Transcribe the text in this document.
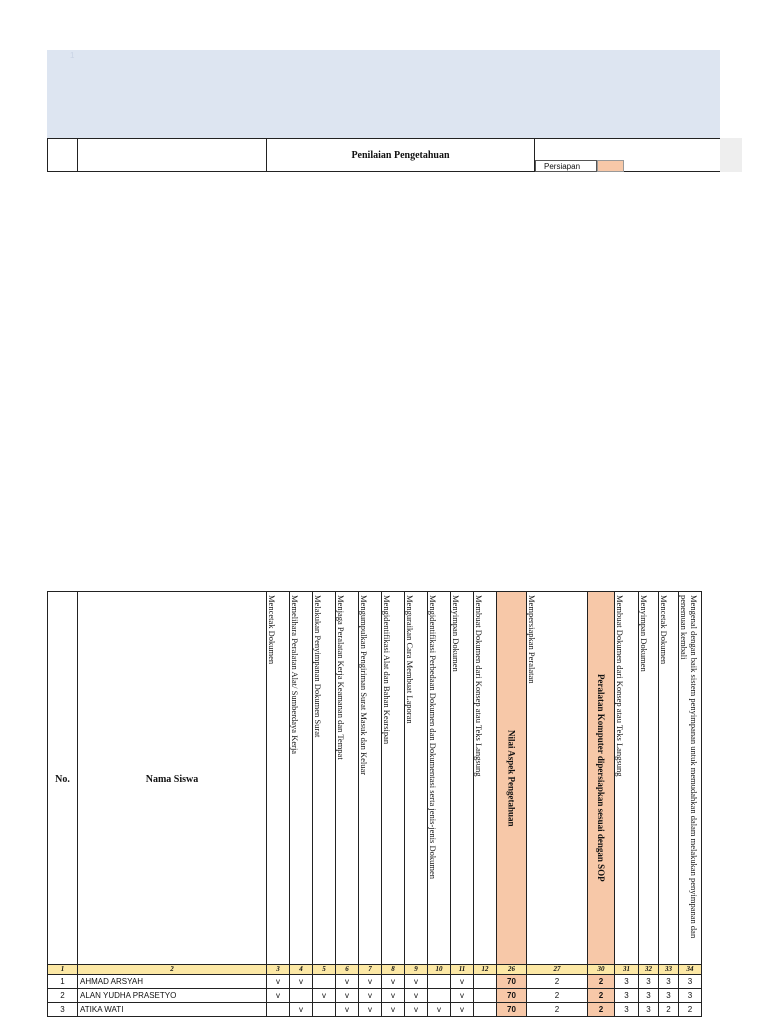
1
Penilaian Pengetahuan
Persiapan
No.	Nama Siswa	Mencetak Dokumen	Memelihara Peralatan Alat/ Sumberdaya Kerja	Melakukan Penyimpanan Dokumen Surat	Menjaga Peralatan Kerja Keamanan dan Tempat	Mengumpulkan Pengiriman Surat Masuk dan Keluar	Mengidentifikasi Alat dan Bahan Kearsipan	Menguraikan Cara Membuat Laporan	Mengidentifikasi Perbedaan Dokumen dan Dokumentasi serta jenis-jenis Dokumen	Menyimpan Dokumen	Membuat Dokumen dari Konsep atau Teks Langsung	Nilai Aspek Pengetahuan	Mempersiapkan Peralatan	Peralatan Komputer dipersiapkan sesuai dengan SOP	Membuat Dokumen dari Konsep atau Teks Langsung	Menyimpan Dokumen	Mencetak Dokumen	Mengenal dengan baik sistem penyimpanan untuk memudahkan dalam melakukan penyimpanan dan penemuan kembali

1	2	3	4	5	6	7	8	9	10	11	12	26	27	30	31	32	33	34
1	AHMAD ARSYAH	v	v		v	v	v	v		v		70	2	2	3	3	3	3
2	ALAN YUDHA PRASETYO	v		v	v	v	v	v		v		70	2	2	3	3	3	3
3	ATIKA WATI		v		v	v	v	v	v	v		70	2	2	3	3	2	2
